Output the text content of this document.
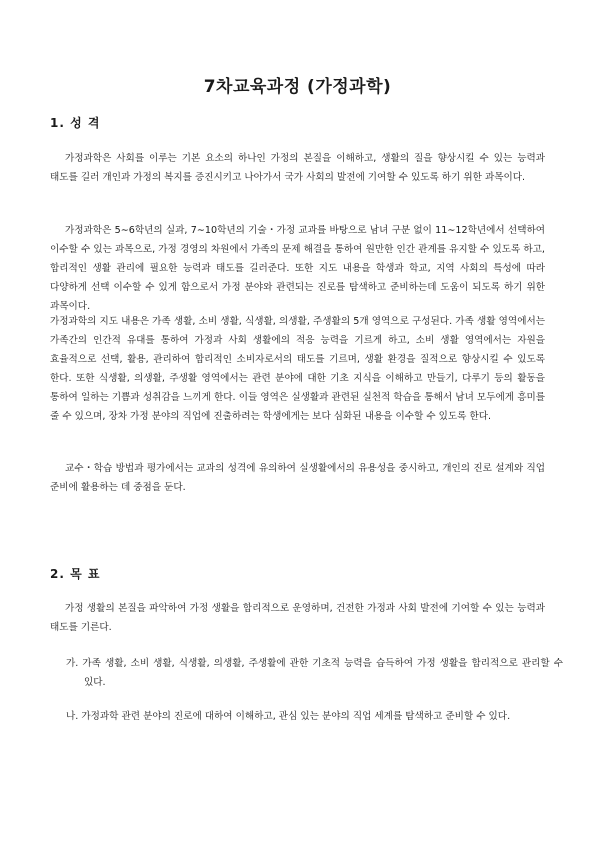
7차교육과정 (가정과학)
1. 성 격
가정과학은 사회를 이루는 기본 요소의 하나인 가정의 본질을 이해하고, 생활의 질을 향상시킬 수 있는 능력과 태도를 길러 개인과 가정의 복지를 증진시키고 나아가서 국가 사회의 발전에 기여할 수 있도록 하기 위한 과목이다.
가정과학은 5∼6학년의 실과, 7∼10학년의 기술・가정 교과를 바탕으로 남녀 구분 없이 11∼12학년에서 선택하여 이수할 수 있는 과목으로, 가정 경영의 차원에서 가족의 문제 해결을 통하여 원만한 인간 관계를 유지할 수 있도록 하고, 합리적인 생활 관리에 필요한 능력과 태도를 길러준다. 또한 지도 내용을 학생과 학교, 지역 사회의 특성에 따라 다양하게 선택 이수할 수 있게 함으로서 가정 분야와 관련되는 진로를 탐색하고 준비하는데 도움이 되도록 하기 위한 과목이다.
가정과학의 지도 내용은 가족 생활, 소비 생활, 식생활, 의생활, 주생활의 5개 영역으로 구성된다. 가족 생활 영역에서는 가족간의 인간적 유대를 통하여 가정과 사회 생활에의 적응 능력을 기르게 하고, 소비 생활 영역에서는 자원을 효율적으로 선택, 활용, 관리하여 합리적인 소비자로서의 태도를 기르며, 생활 환경을 질적으로 향상시킬 수 있도록 한다. 또한 식생활, 의생활, 주생활 영역에서는 관련 분야에 대한 기초 지식을 이해하고 만들기, 다루기 등의 활동을 통하여 일하는 기쁨과 성취감을 느끼게 한다. 이들 영역은 실생활과 관련된 실천적 학습을 통해서 남녀 모두에게 흥미를 줄 수 있으며, 장차 가정 분야의 직업에 진출하려는 학생에게는 보다 심화된 내용을 이수할 수 있도록 한다.
교수・학습 방법과 평가에서는 교과의 성격에 유의하여 실생활에서의 유용성을 중시하고, 개인의 진로 설계와 직업 준비에 활용하는 데 중점을 둔다.
2. 목 표
가정 생활의 본질을 파악하여 가정 생활을 합리적으로 운영하며, 건전한 가정과 사회 발전에 기여할 수 있는 능력과 태도를 기른다.
가. 가족 생활, 소비 생활, 식생활, 의생활, 주생활에 관한 기초적 능력을 습득하여 가정 생활을 합리적으로 관리할 수 있다.
나. 가정과학 관련 분야의 진로에 대하여 이해하고, 관심 있는 분야의 직업 세계를 탐색하고 준비할 수 있다.
